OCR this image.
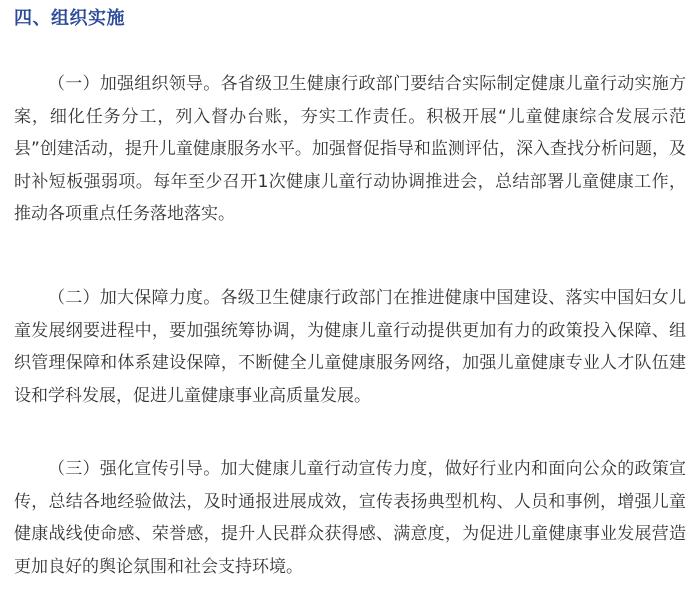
四、组织实施

（一）加强组织领导。各省级卫生健康行政部门要结合实际制定健康儿童行动实施方案，细化任务分工，列入督办台账，夯实工作责任。积极开展“儿童健康综合发展示范县”创建活动，提升儿童健康服务水平。加强督促指导和监测评估，深入查找分析问题，及时补短板强弱项。每年至少召开1次健康儿童行动协调推进会，总结部署儿童健康工作，推动各项重点任务落地落实。

（二）加大保障力度。各级卫生健康行政部门在推进健康中国建设、落实中国妇女儿童发展纲要进程中，要加强统筹协调，为健康儿童行动提供更加有力的政策投入保障、组织管理保障和体系建设保障，不断健全儿童健康服务网络，加强儿童健康专业人才队伍建设和学科发展，促进儿童健康事业高质量发展。

（三）强化宣传引导。加大健康儿童行动宣传力度，做好行业内和面向公众的政策宣传，总结各地经验做法，及时通报进展成效，宣传表扬典型机构、人员和事例，增强儿童健康战线使命感、荣誉感，提升人民群众获得感、满意度，为促进儿童健康事业发展营造更加良好的舆论氛围和社会支持环境。
